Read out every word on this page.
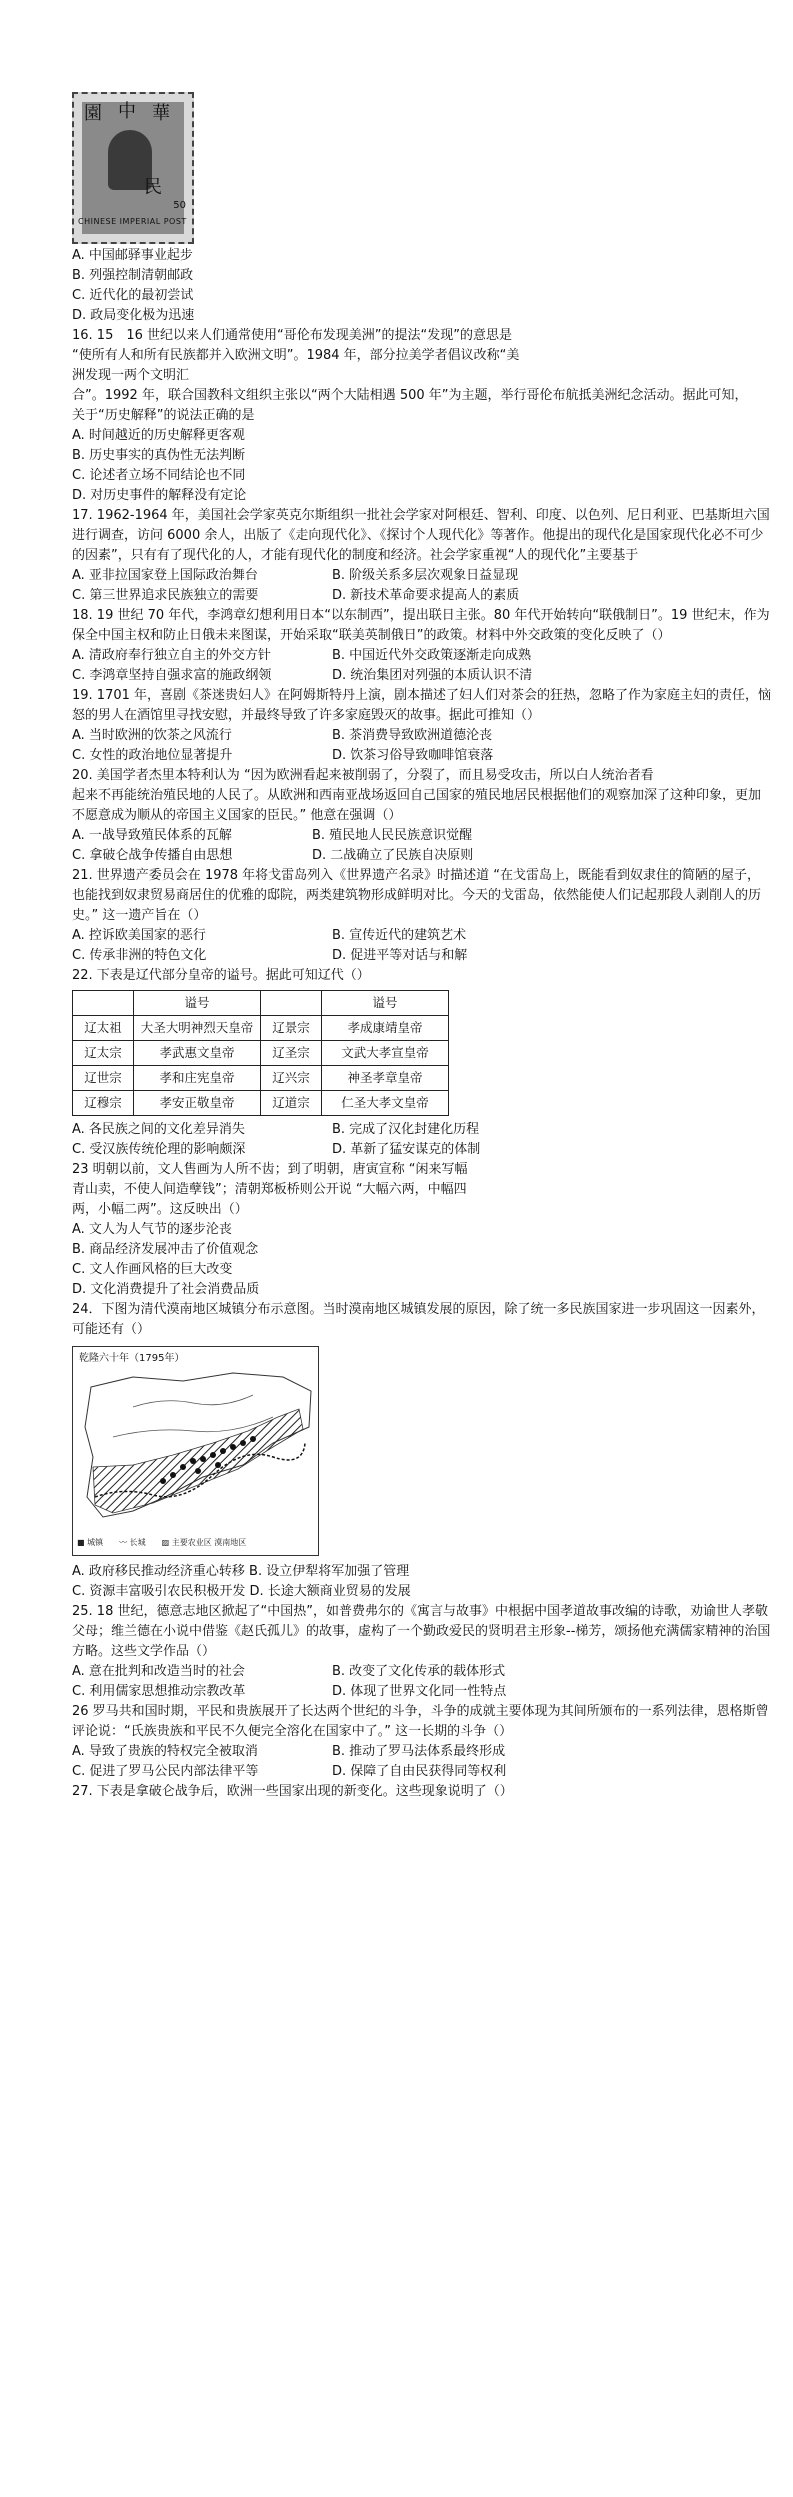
園 中 華
民
50
CHINESE IMPERIAL POST

A. 中国邮驿事业起步

B. 列强控制清朝邮政

C. 近代化的最初尝试

D. 政局变化极为迅速

16. 15　16 世纪以来人们通常使用“哥伦布发现美洲”的提法“发现”的意思是

“使所有人和所有民族都并入欧洲文明”。1984 年，部分拉美学者倡议改称“美

洲发现一两个文明汇

合”。1992 年，联合国教科文组织主张以“两个大陆相遇 500 年”为主题，举行哥伦布航抵美洲纪念活动。据此可知，

关于“历史解释”的说法正确的是

A. 时间越近的历史解释更客观

B. 历史事实的真伪性无法判断

C. 论述者立场不同结论也不同

D. 对历史事件的解释没有定论

17. 1962-1964 年，美国社会学家英克尔斯组织一批社会学家对阿根廷、智利、印度、以色列、尼日利亚、巴基斯坦六国进行调查，访问 6000 余人，出版了《走向现代化》、《探讨个人现代化》等著作。他提出的现代化是国家现代化必不可少的因素”，只有有了现代化的人，才能有现代化的制度和经济。社会学家重视“人的现代化”主要基于

A. 亚非拉国家登上国际政治舞台	B. 阶级关系多层次观象日益显现
C. 第三世界追求民族独立的需要	D. 新技术革命要求提高人的素质

18. 19 世纪 70 年代，李鸿章幻想利用日本“以东制西”，提出联日主张。80 年代开始转向“联俄制日”。19 世纪末，作为保全中国主权和防止日俄未来图谋，开始采取“联美英制俄日”的政策。材料中外交政策的变化反映了（）

A. 清政府奉行独立自主的外交方针	B. 中国近代外交政策逐渐走向成熟
C. 李鸿章坚持自强求富的施政纲领	D. 统治集团对列强的本质认识不清

19. 1701 年，喜剧《茶迷贵妇人》在阿姆斯特丹上演，剧本描述了妇人们对茶会的狂热，忽略了作为家庭主妇的责任，恼怒的男人在酒馆里寻找安慰，并最终导致了许多家庭毁灭的故事。据此可推知（）

A. 当时欧洲的饮茶之风流行	B. 茶消费导致欧洲道德沦丧
C. 女性的政治地位显著提升	D. 饮茶习俗导致咖啡馆衰落

20. 美国学者杰里本特利认为 “因为欧洲看起来被削弱了，分裂了，而且易受攻击，所以白人统治者看

起来不再能统治殖民地的人民了。从欧洲和西南亚战场返回自己国家的殖民地居民根据他们的观察加深了这种印象，更加不愿意成为顺从的帝国主义国家的臣民。” 他意在强调（）

A. 一战导致殖民体系的瓦解	B. 殖民地人民民族意识觉醒
C. 拿破仑战争传播自由思想	D. 二战确立了民族自决原则

21. 世界遗产委员会在 1978 年将戈雷岛列入《世界遗产名录》时描述道 “在戈雷岛上，既能看到奴隶住的简陋的屋子，也能找到奴隶贸易商居住的优雅的邸院，两类建筑物形成鲜明对比。今天的戈雷岛，依然能使人们记起那段人剥削人的历史。” 这一遗产旨在（）

A. 控诉欧美国家的恶行	B. 宣传近代的建筑艺术
C. 传承非洲的特色文化	D. 促进平等对话与和解

22. 下表是辽代部分皇帝的谥号。据此可知辽代（）

	谥号		谥号
辽太祖	大圣大明神烈天皇帝	辽景宗	孝成康靖皇帝
辽太宗	孝武惠文皇帝	辽圣宗	文武大孝宣皇帝
辽世宗	孝和庄宪皇帝	辽兴宗	神圣孝章皇帝
辽穆宗	孝安正敬皇帝	辽道宗	仁圣大孝文皇帝
A. 各民族之间的文化差异消失	B. 完成了汉化封建化历程
C. 受汉族传统伦理的影响颇深	D. 革新了猛安谋克的体制

23 明朝以前，文人售画为人所不齿；到了明朝，唐寅宣称 “闲来写幅

青山卖，不使人间造孽钱”；清朝郑板桥则公开说 “大幅六两，中幅四

两，小幅二两”。这反映出（）

A. 文人为人气节的逐步沦丧

B. 商品经济发展冲击了价值观念

C. 文人作画风格的巨大改变

D. 文化消费提升了社会消费品质

24．下图为清代漠南地区城镇分布示意图。当时漠南地区城镇发展的原因，除了统一多民族国家进一步巩固这一因素外，可能还有（）

乾隆六十年（1795年）
■ 城镇　　〰 长城　　▨ 主要农业区 漠南地区

A. 政府移民推动经济重心转移 B. 设立伊犁将军加强了管理

C. 资源丰富吸引农民积极开发 D. 长途大额商业贸易的发展

25. 18 世纪，德意志地区掀起了“中国热”，如普费弗尔的《寓言与故事》中根据中国孝道故事改编的诗歌，劝谕世人孝敬父母；维兰德在小说中借鉴《赵氏孤儿》的故事，虚构了一个勤政爱民的贤明君主形象--梯芳，颂扬他充满儒家精神的治国方略。这些文学作品（）

A. 意在批判和改造当时的社会	B. 改变了文化传承的载体形式
C. 利用儒家思想推动宗教改革	D. 体现了世界文化同一性特点

26 罗马共和国时期，平民和贵族展开了长达两个世纪的斗争，斗争的成就主要体现为其间所颁布的一系列法律，恩格斯曾评论说：“氏族贵族和平民不久便完全溶化在国家中了。” 这一长期的斗争（）

A. 导致了贵族的特权完全被取消	B. 推动了罗马法体系最终形成
C. 促进了罗马公民内部法律平等	D. 保障了自由民获得同等权利

27. 下表是拿破仑战争后，欧洲一些国家出现的新变化。这些现象说明了（）
